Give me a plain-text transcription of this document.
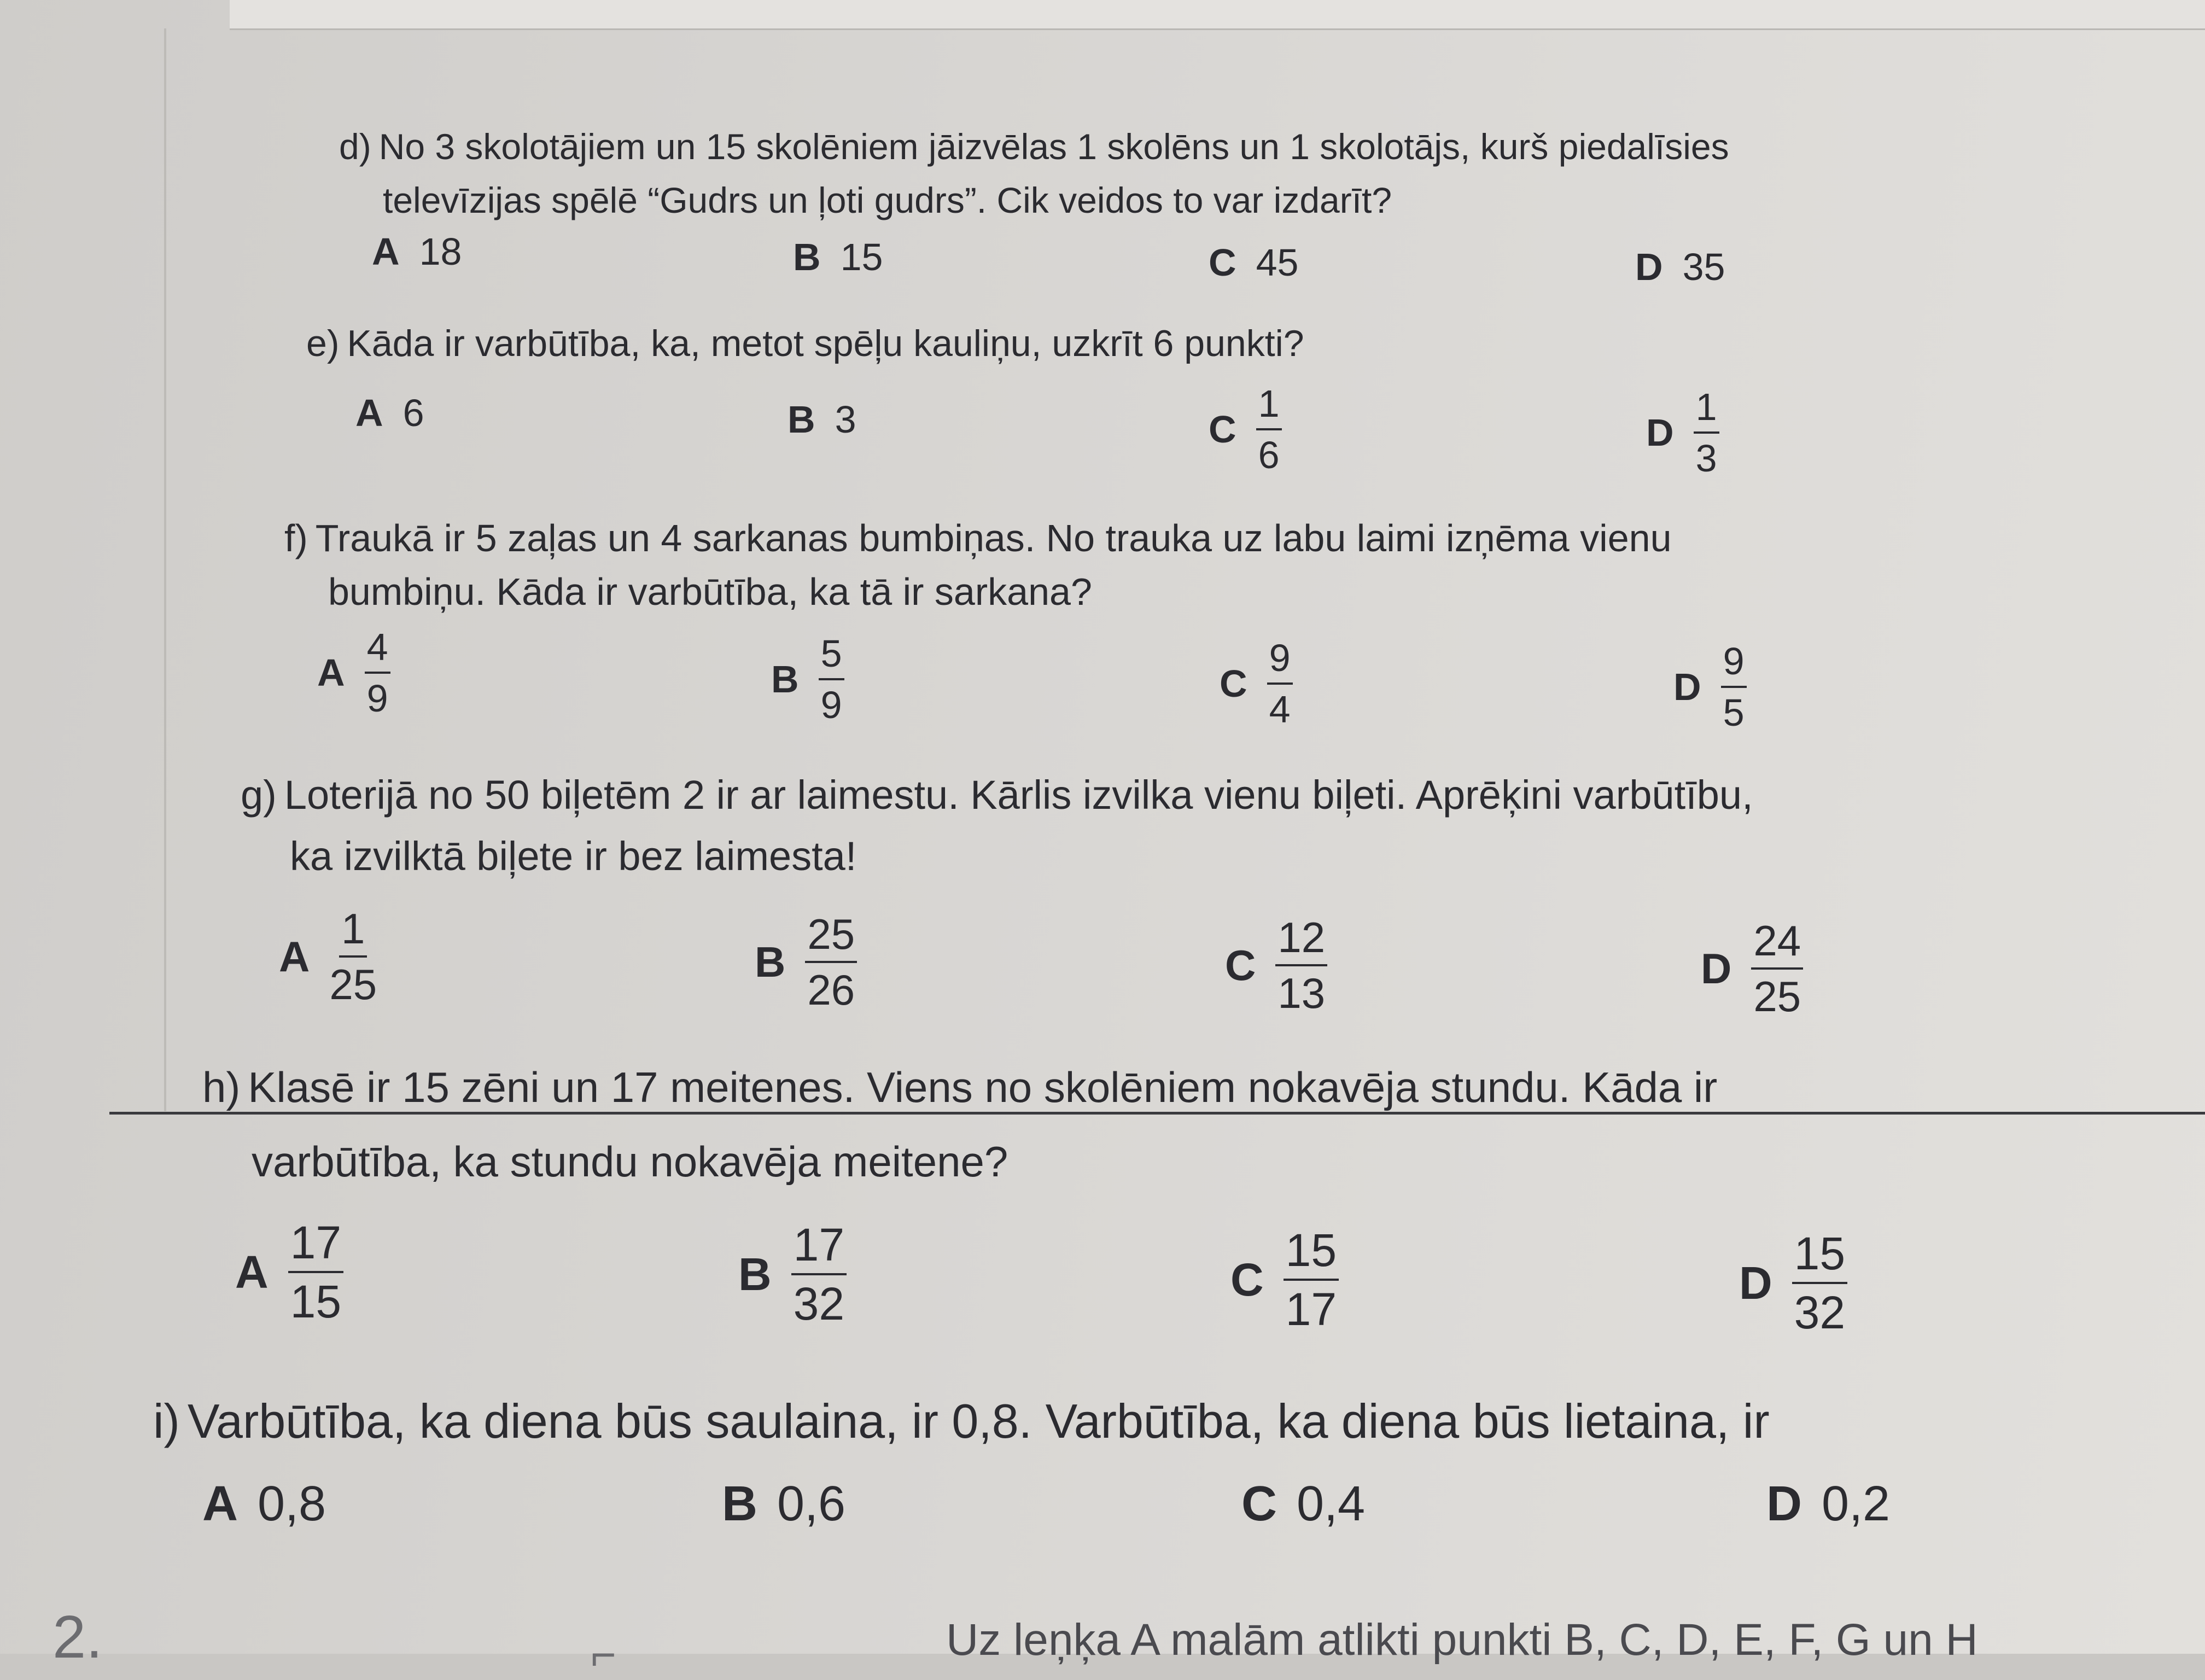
d) No 3 skolotājiem un 15 skolēniem jāizvēlas 1 skolēns un 1 skolotājs, kurš piedalīsies
televīzijas spēlē “Gudrs un ļoti gudrs”. Cik veidos to var izdarīt?
A 18	B 15	C 45	D 35
e) Kāda ir varbūtība, ka, metot spēļu kauliņu, uzkrīt 6 punkti?
A 6	B 3	C $\frac{1}{6}$	D $\frac{1}{3}$
f) Traukā ir 5 zaļas un 4 sarkanas bumbiņas. No trauka uz labu laimi izņēma vienu
bumbiņu. Kāda ir varbūtība, ka tā ir sarkana?
A $\frac{4}{9}$	B $\frac{5}{9}$	C $\frac{9}{4}$	D $\frac{9}{5}$
g) Loterijā no 50 biļetēm 2 ir ar laimestu. Kārlis izvilka vienu biļeti. Aprēķini varbūtību,
ka izvilktā biļete ir bez laimesta!
A $\frac{1}{25}$	B $\frac{25}{26}$	C $\frac{12}{13}$	D $\frac{24}{25}$
h) Klasē ir 15 zēni un 17 meitenes. Viens no skolēniem nokavēja stundu. Kāda ir
varbūtība, ka stundu nokavēja meitene?
A $\frac{17}{15}$	B $\frac{17}{32}$	C $\frac{15}{17}$	D $\frac{15}{32}$
i) Varbūtība, ka diena būs saulaina, ir 0,8. Varbūtība, ka diena būs lietaina, ir
A 0,8	B 0,6	C 0,4	D 0,2
2.	⌐	Uz leņķa A malām atlikti punkti B, C, D, E, F, G un H
